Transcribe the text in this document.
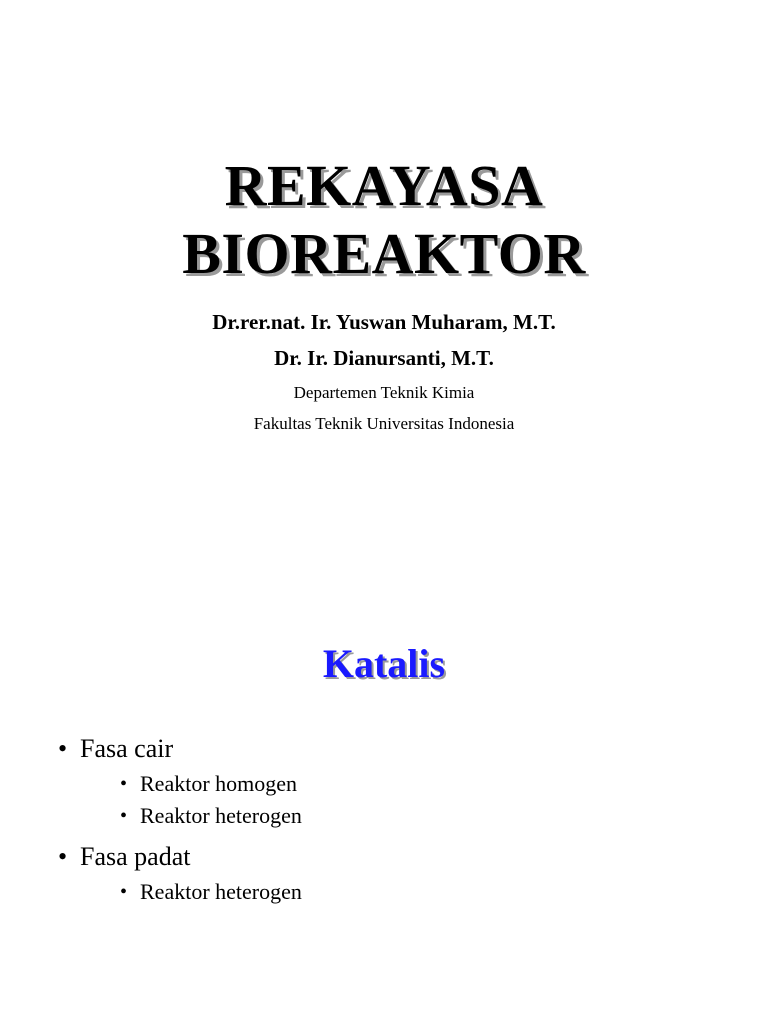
REKAYASA
BIOREAKTOR
Dr.rer.nat. Ir. Yuswan Muharam, M.T.
Dr. Ir. Dianursanti, M.T.
Departemen Teknik Kimia
Fakultas Teknik Universitas Indonesia
Katalis
• Fasa cair
• Reaktor homogen
• Reaktor heterogen
• Fasa padat
• Reaktor heterogen
